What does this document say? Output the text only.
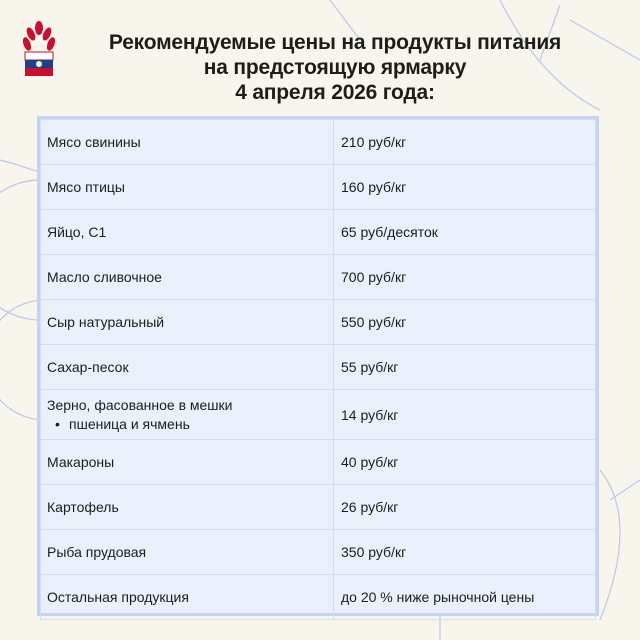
Рекомендуемые цены на продукты питания
на предстоящую ярмарку
4 апреля 2026 года:
Мясо свинины	210 руб/кг
Мясо птицы	160 руб/кг
Яйцо, С1	65 руб/десяток
Масло сливочное	700 руб/кг
Сыр натуральный	550 руб/кг
Сахар-песок	55 руб/кг
Зерно, фасованное в мешки
• пшеница и ячмень	14 руб/кг
Макароны	40 руб/кг
Картофель	26 руб/кг
Рыба прудовая	350 руб/кг
Остальная продукция	до 20 % ниже рыночной цены
